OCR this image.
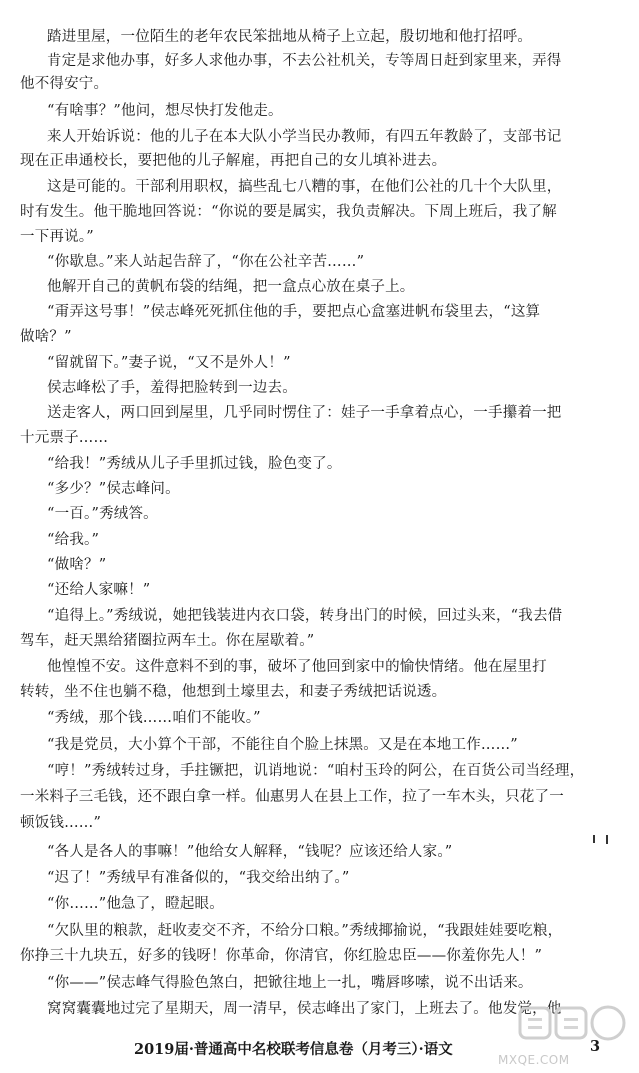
踏进里屋，一位陌生的老年农民笨拙地从椅子上立起，殷切地和他打招呼。
肯定是求他办事，好多人求他办事，不去公社机关，专等周日赶到家里来，弄得
他不得安宁。
“有啥事？”他问，想尽快打发他走。
来人开始诉说：他的儿子在本大队小学当民办教师，有四五年教龄了，支部书记
现在正串通校长，要把他的儿子解雇，再把自己的女儿填补进去。
这是可能的。干部利用职权，搞些乱七八糟的事，在他们公社的几十个大队里，
时有发生。他干脆地回答说：“你说的要是属实，我负责解决。下周上班后，我了解
一下再说。”
“你歇息。”来人站起告辞了，“你在公社辛苦……”
他解开自己的黄帆布袋的结绳，把一盒点心放在桌子上。
“甭弄这号事！”侯志峰死死抓住他的手，要把点心盒塞进帆布袋里去，“这算
做啥？”
“留就留下。”妻子说，“又不是外人！”
侯志峰松了手，羞得把脸转到一边去。
送走客人，两口回到屋里，几乎同时愣住了：娃子一手拿着点心，一手攥着一把
十元票子……
“给我！”秀绒从儿子手里抓过钱，脸色变了。
“多少？”侯志峰问。
“一百。”秀绒答。
“给我。”
“做啥？”
“还给人家嘛！”
“追得上。”秀绒说，她把钱装进内衣口袋，转身出门的时候，回过头来，“我去借
驾车，赶天黑给猪圈拉两车土。你在屋歇着。”
他惶惶不安。这件意料不到的事，破坏了他回到家中的愉快情绪。他在屋里打
转转，坐不住也躺不稳，他想到土壕里去，和妻子秀绒把话说透。
“秀绒，那个钱……咱们不能收。”
“我是党员，大小算个干部，不能往自个脸上抹黑。又是在本地工作……”
“哼！”秀绒转过身，手拄镢把，讥诮地说：“咱村玉玲的阿公，在百货公司当经理，
一米料子三毛钱，还不跟白拿一样。仙惠男人在县上工作，拉了一车木头，只花了一
顿饭钱……”
“各人是各人的事嘛！”他给女人解释，“钱呢？应该还给人家。”
“迟了！”秀绒早有准备似的，“我交给出纳了。”
“你……”他急了，瞪起眼。
“欠队里的粮款，赶收麦交不齐，不给分口粮。”秀绒揶揄说，“我跟娃娃要吃粮，
你挣三十九块五，好多的钱呀！你革命，你清官，你红脸忠臣——你羞你先人！”
“你——”侯志峰气得脸色煞白，把锨往地上一扎，嘴唇哆嗦，说不出话来。
窝窝囊囊地过完了星期天，周一清早，侯志峰出了家门，上班去了。他发觉，他
MXQE.COM
2019届·普通高中名校联考信息卷（月考三）·语文	3
